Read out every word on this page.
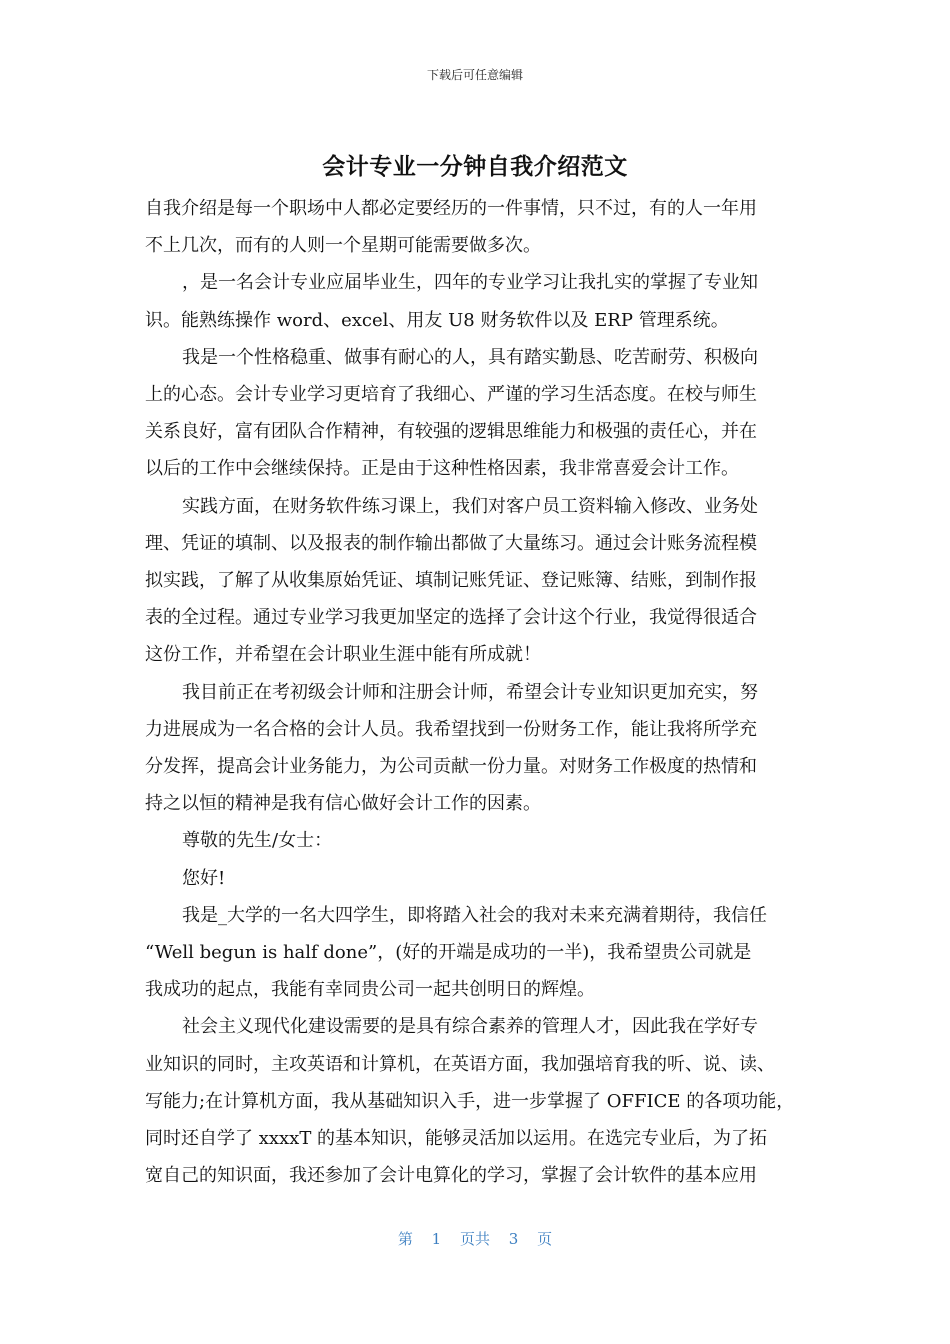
下载后可任意编辑
会计专业一分钟自我介绍范文

自我介绍是每一个职场中人都必定要经历的一件事情，只不过，有的人一年用

不上几次，而有的人则一个星期可能需要做多次。

，是一名会计专业应届毕业生，四年的专业学习让我扎实的掌握了专业知

识。能熟练操作 word、excel、用友 U8 财务软件以及 ERP 管理系统。

我是一个性格稳重、做事有耐心的人，具有踏实勤恳、吃苦耐劳、积极向

上的心态。会计专业学习更培育了我细心、严谨的学习生活态度。在校与师生

关系良好，富有团队合作精神，有较强的逻辑思维能力和极强的责任心，并在

以后的工作中会继续保持。正是由于这种性格因素，我非常喜爱会计工作。

实践方面，在财务软件练习课上，我们对客户员工资料输入修改、业务处

理、凭证的填制、以及报表的制作输出都做了大量练习。通过会计账务流程模

拟实践，了解了从收集原始凭证、填制记账凭证、登记账簿、结账，到制作报

表的全过程。通过专业学习我更加坚定的选择了会计这个行业，我觉得很适合

这份工作，并希望在会计职业生涯中能有所成就！

我目前正在考初级会计师和注册会计师，希望会计专业知识更加充实，努

力进展成为一名合格的会计人员。我希望找到一份财务工作，能让我将所学充

分发挥，提高会计业务能力，为公司贡献一份力量。对财务工作极度的热情和

持之以恒的精神是我有信心做好会计工作的因素。

尊敬的先生/女士：

您好!

我是_大学的一名大四学生，即将踏入社会的我对未来充满着期待，我信任

“Well begun is half done”，(好的开端是成功的一半)，我希望贵公司就是

我成功的起点，我能有幸同贵公司一起共创明日的辉煌。

社会主义现代化建设需要的是具有综合素养的管理人才，因此我在学好专

业知识的同时，主攻英语和计算机，在英语方面，我加强培育我的听、说、读、

写能力;在计算机方面，我从基础知识入手，进一步掌握了 OFFICE 的各项功能，

同时还自学了 xxxxT 的基本知识，能够灵活加以运用。在选完专业后，为了拓

宽自己的知识面，我还参加了会计电算化的学习，掌握了会计软件的基本应用

第 1 页共 3 页
